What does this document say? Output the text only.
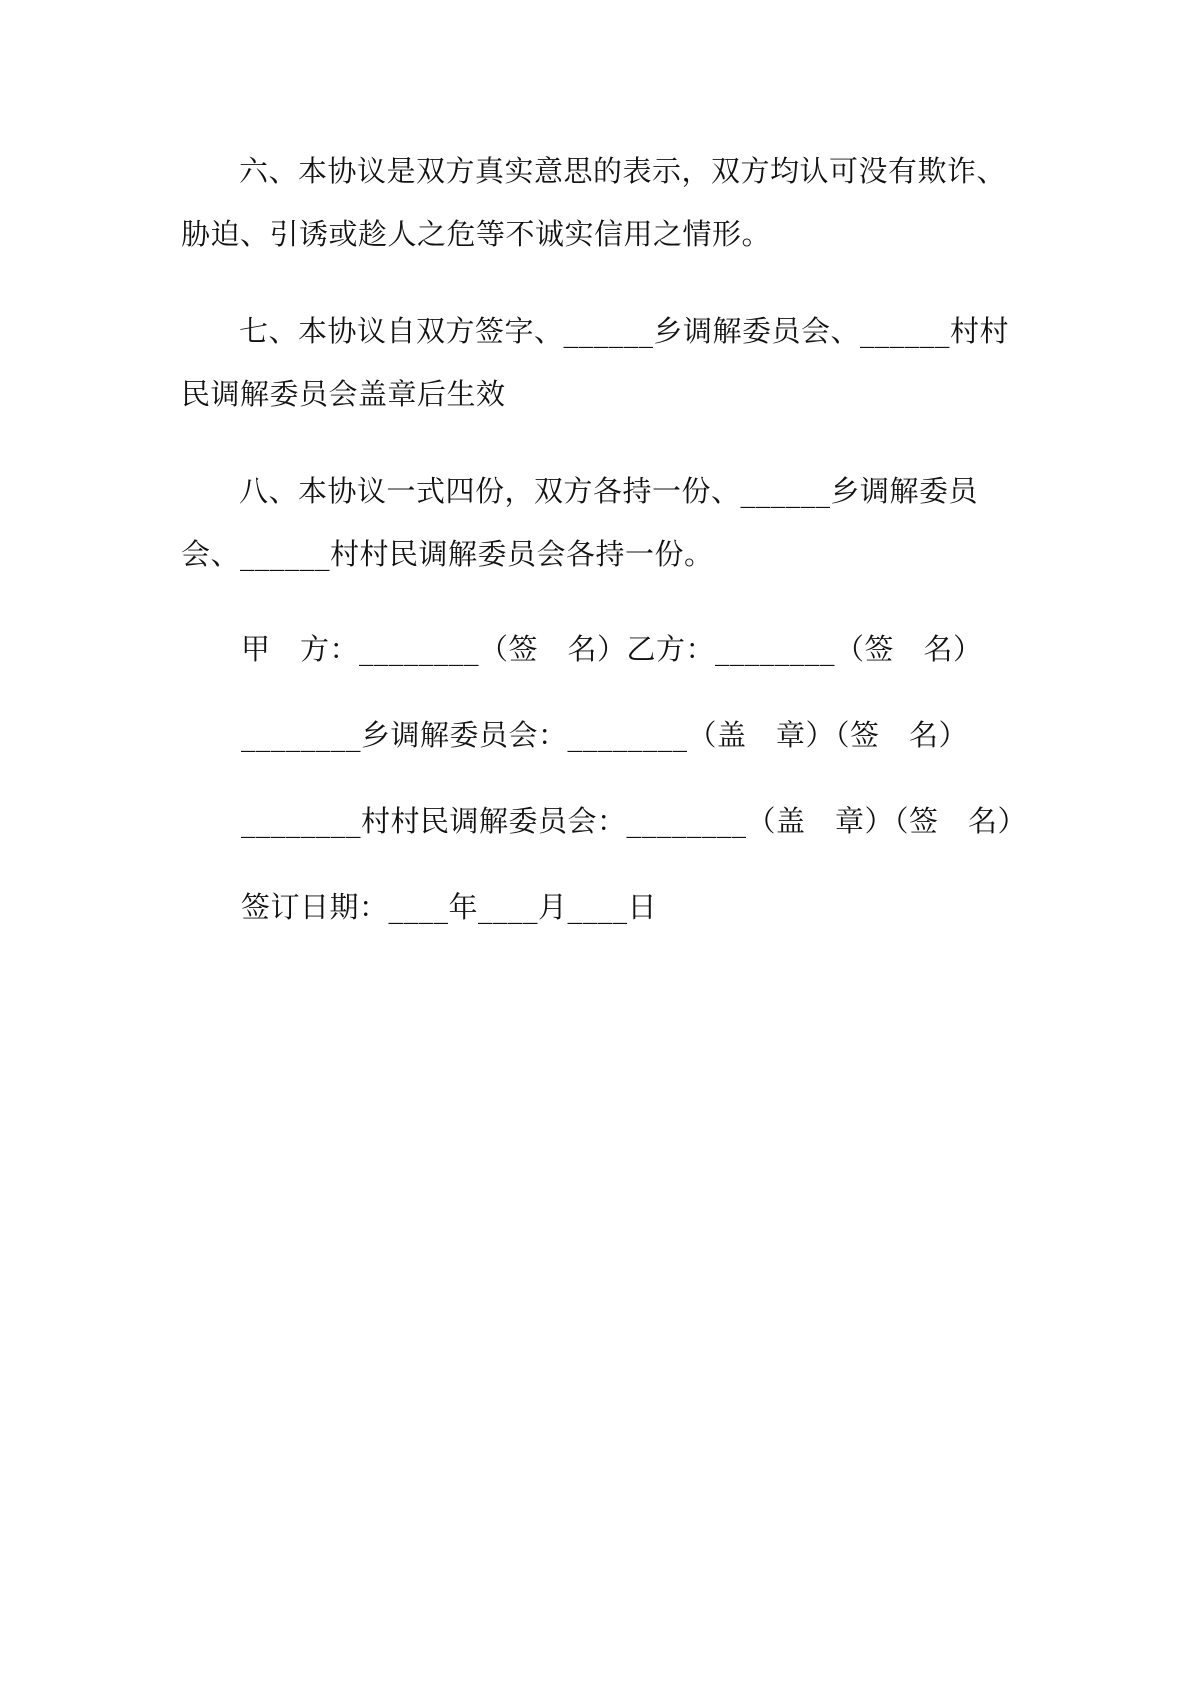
六、本协议是双方真实意思的表示，双方均认可没有欺诈、胁迫、引诱或趁人之危等不诚实信用之情形。

七、本协议自双方签字、______乡调解委员会、______村村民调解委员会盖章后生效

八、本协议一式四份，双方各持一份、______乡调解委员会、______村村民调解委员会各持一份。

甲　方：________（签　名）乙方：________（签　名）
________乡调解委员会：________（盖　章）（签　名）
________村村民调解委员会：________（盖　章）（签　名）
签订日期：____年____月____日
